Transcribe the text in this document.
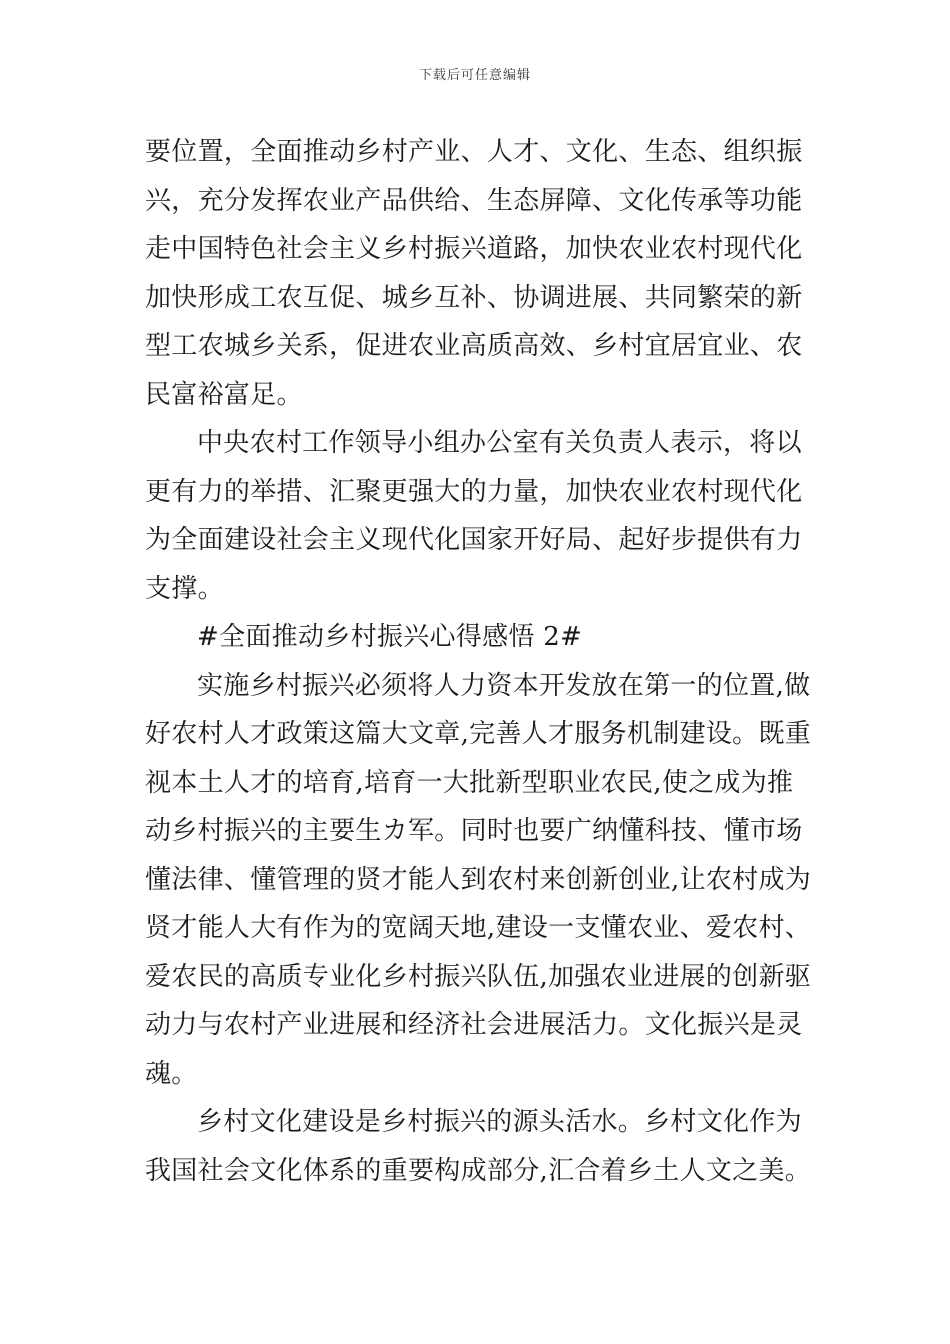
下载后可任意编辑
要位置，全面推动乡村产业、人才、文化、生态、组织振
兴，充分发挥农业产品供给、生态屏障、文化传承等功能
走中国特色社会主义乡村振兴道路，加快农业农村现代化
加快形成工农互促、城乡互补、协调进展、共同繁荣的新
型工农城乡关系，促进农业高质高效、乡村宜居宜业、农
民富裕富足。
中央农村工作领导小组办公室有关负责人表示，将以
更有力的举措、汇聚更强大的力量，加快农业农村现代化
为全面建设社会主义现代化国家开好局、起好步提供有力
支撑。
#全面推动乡村振兴心得感悟 2#
实施乡村振兴必须将人力资本开发放在第一的位置,做
好农村人才政策这篇大文章,完善人才服务机制建设。既重
视本土人才的培育,培育一大批新型职业农民,使之成为推
动乡村振兴的主要生カ军。同时也要广纳懂科技、懂市场
懂法律、懂管理的贤才能人到农村来创新创业,让农村成为
贤才能人大有作为的宽阔天地,建设一支懂农业、爱农村、
爱农民的高质专业化乡村振兴队伍,加强农业进展的创新驱
动力与农村产业进展和经济社会进展活力。文化振兴是灵
魂。
乡村文化建设是乡村振兴的源头活水。乡村文化作为
我国社会文化体系的重要构成部分,汇合着乡土人文之美。
